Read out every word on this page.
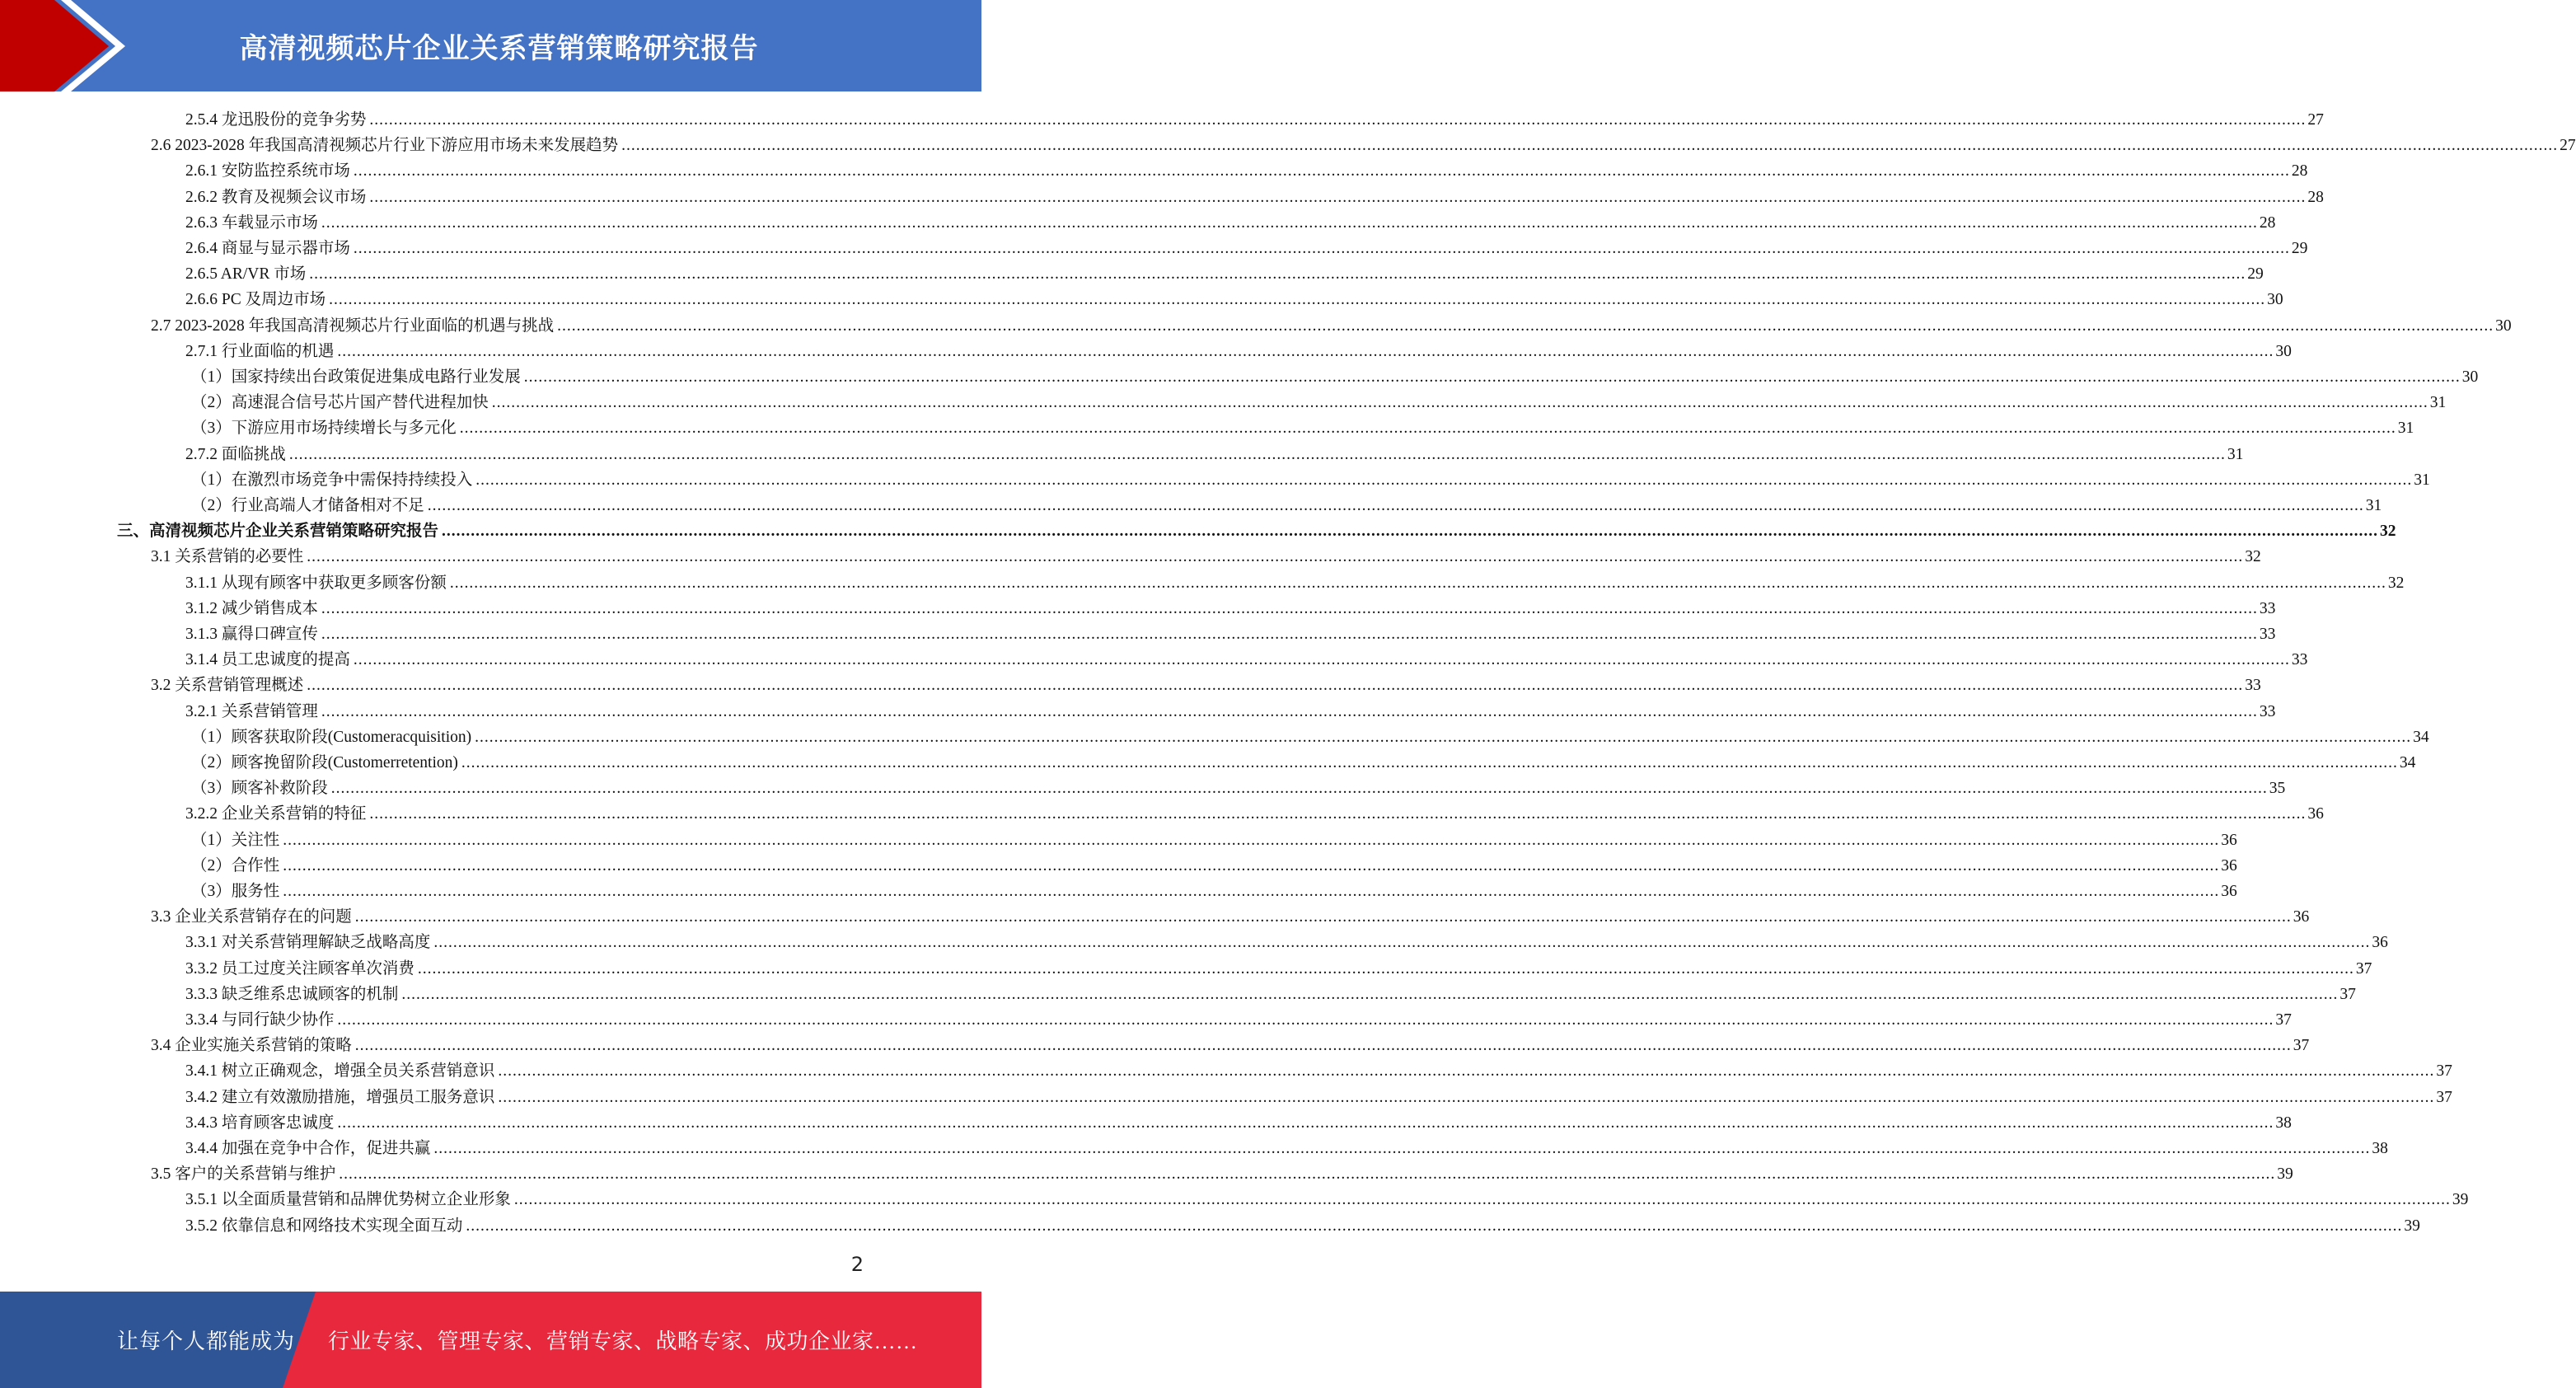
高清视频芯片企业关系营销策略研究报告
2.5.4 龙迅股份的竞争劣势 ................................................................................................................................................................................................................................................................................................................................................................................................................ 27
2.6 2023-2028 年我国高清视频芯片行业下游应用市场未来发展趋势 ................................................................................................................................................................................................................................................................................................................................................................................................................ 27
2.6.1 安防监控系统市场 ................................................................................................................................................................................................................................................................................................................................................................................................................ 28
2.6.2 教育及视频会议市场 ................................................................................................................................................................................................................................................................................................................................................................................................................ 28
2.6.3 车载显示市场 ................................................................................................................................................................................................................................................................................................................................................................................................................ 28
2.6.4 商显与显示器市场 ................................................................................................................................................................................................................................................................................................................................................................................................................ 29
2.6.5 AR/VR 市场 ................................................................................................................................................................................................................................................................................................................................................................................................................ 29
2.6.6 PC 及周边市场 ................................................................................................................................................................................................................................................................................................................................................................................................................ 30
2.7 2023-2028 年我国高清视频芯片行业面临的机遇与挑战 ................................................................................................................................................................................................................................................................................................................................................................................................................ 30
2.7.1 行业面临的机遇 ................................................................................................................................................................................................................................................................................................................................................................................................................ 30
（1）国家持续出台政策促进集成电路行业发展 ................................................................................................................................................................................................................................................................................................................................................................................................................ 30
（2）高速混合信号芯片国产替代进程加快 ................................................................................................................................................................................................................................................................................................................................................................................................................ 31
（3）下游应用市场持续增长与多元化 ................................................................................................................................................................................................................................................................................................................................................................................................................ 31
2.7.2 面临挑战 ................................................................................................................................................................................................................................................................................................................................................................................................................ 31
（1）在激烈市场竞争中需保持持续投入 ................................................................................................................................................................................................................................................................................................................................................................................................................ 31
（2）行业高端人才储备相对不足 ................................................................................................................................................................................................................................................................................................................................................................................................................ 31
三、高清视频芯片企业关系营销策略研究报告 ................................................................................................................................................................................................................................................................................................................................................................................................................ 32
3.1 关系营销的必要性 ................................................................................................................................................................................................................................................................................................................................................................................................................ 32
3.1.1 从现有顾客中获取更多顾客份额 ................................................................................................................................................................................................................................................................................................................................................................................................................ 32
3.1.2 减少销售成本 ................................................................................................................................................................................................................................................................................................................................................................................................................ 33
3.1.3 赢得口碑宣传 ................................................................................................................................................................................................................................................................................................................................................................................................................ 33
3.1.4 员工忠诚度的提高 ................................................................................................................................................................................................................................................................................................................................................................................................................ 33
3.2 关系营销管理概述 ................................................................................................................................................................................................................................................................................................................................................................................................................ 33
3.2.1 关系营销管理 ................................................................................................................................................................................................................................................................................................................................................................................................................ 33
（1）顾客获取阶段(Customeracquisition) ................................................................................................................................................................................................................................................................................................................................................................................................................ 34
（2）顾客挽留阶段(Customerretention) ................................................................................................................................................................................................................................................................................................................................................................................................................ 34
（3）顾客补救阶段 ................................................................................................................................................................................................................................................................................................................................................................................................................ 35
3.2.2 企业关系营销的特征 ................................................................................................................................................................................................................................................................................................................................................................................................................ 36
（1）关注性 ................................................................................................................................................................................................................................................................................................................................................................................................................ 36
（2）合作性 ................................................................................................................................................................................................................................................................................................................................................................................................................ 36
（3）服务性 ................................................................................................................................................................................................................................................................................................................................................................................................................ 36
3.3 企业关系营销存在的问题 ................................................................................................................................................................................................................................................................................................................................................................................................................ 36
3.3.1 对关系营销理解缺乏战略高度 ................................................................................................................................................................................................................................................................................................................................................................................................................ 36
3.3.2 员工过度关注顾客单次消费 ................................................................................................................................................................................................................................................................................................................................................................................................................ 37
3.3.3 缺乏维系忠诚顾客的机制 ................................................................................................................................................................................................................................................................................................................................................................................................................ 37
3.3.4 与同行缺少协作 ................................................................................................................................................................................................................................................................................................................................................................................................................ 37
3.4 企业实施关系营销的策略 ................................................................................................................................................................................................................................................................................................................................................................................................................ 37
3.4.1 树立正确观念，增强全员关系营销意识 ................................................................................................................................................................................................................................................................................................................................................................................................................ 37
3.4.2 建立有效激励措施，增强员工服务意识 ................................................................................................................................................................................................................................................................................................................................................................................................................ 37
3.4.3 培育顾客忠诚度 ................................................................................................................................................................................................................................................................................................................................................................................................................ 38
3.4.4 加强在竞争中合作，促进共赢 ................................................................................................................................................................................................................................................................................................................................................................................................................ 38
3.5 客户的关系营销与维护 ................................................................................................................................................................................................................................................................................................................................................................................................................ 39
3.5.1 以全面质量营销和品牌优势树立企业形象 ................................................................................................................................................................................................................................................................................................................................................................................................................ 39
3.5.2 依靠信息和网络技术实现全面互动 ................................................................................................................................................................................................................................................................................................................................................................................................................ 39
2
让每个人都能成为 行业专家、管理专家、营销专家、战略专家、成功企业家……
